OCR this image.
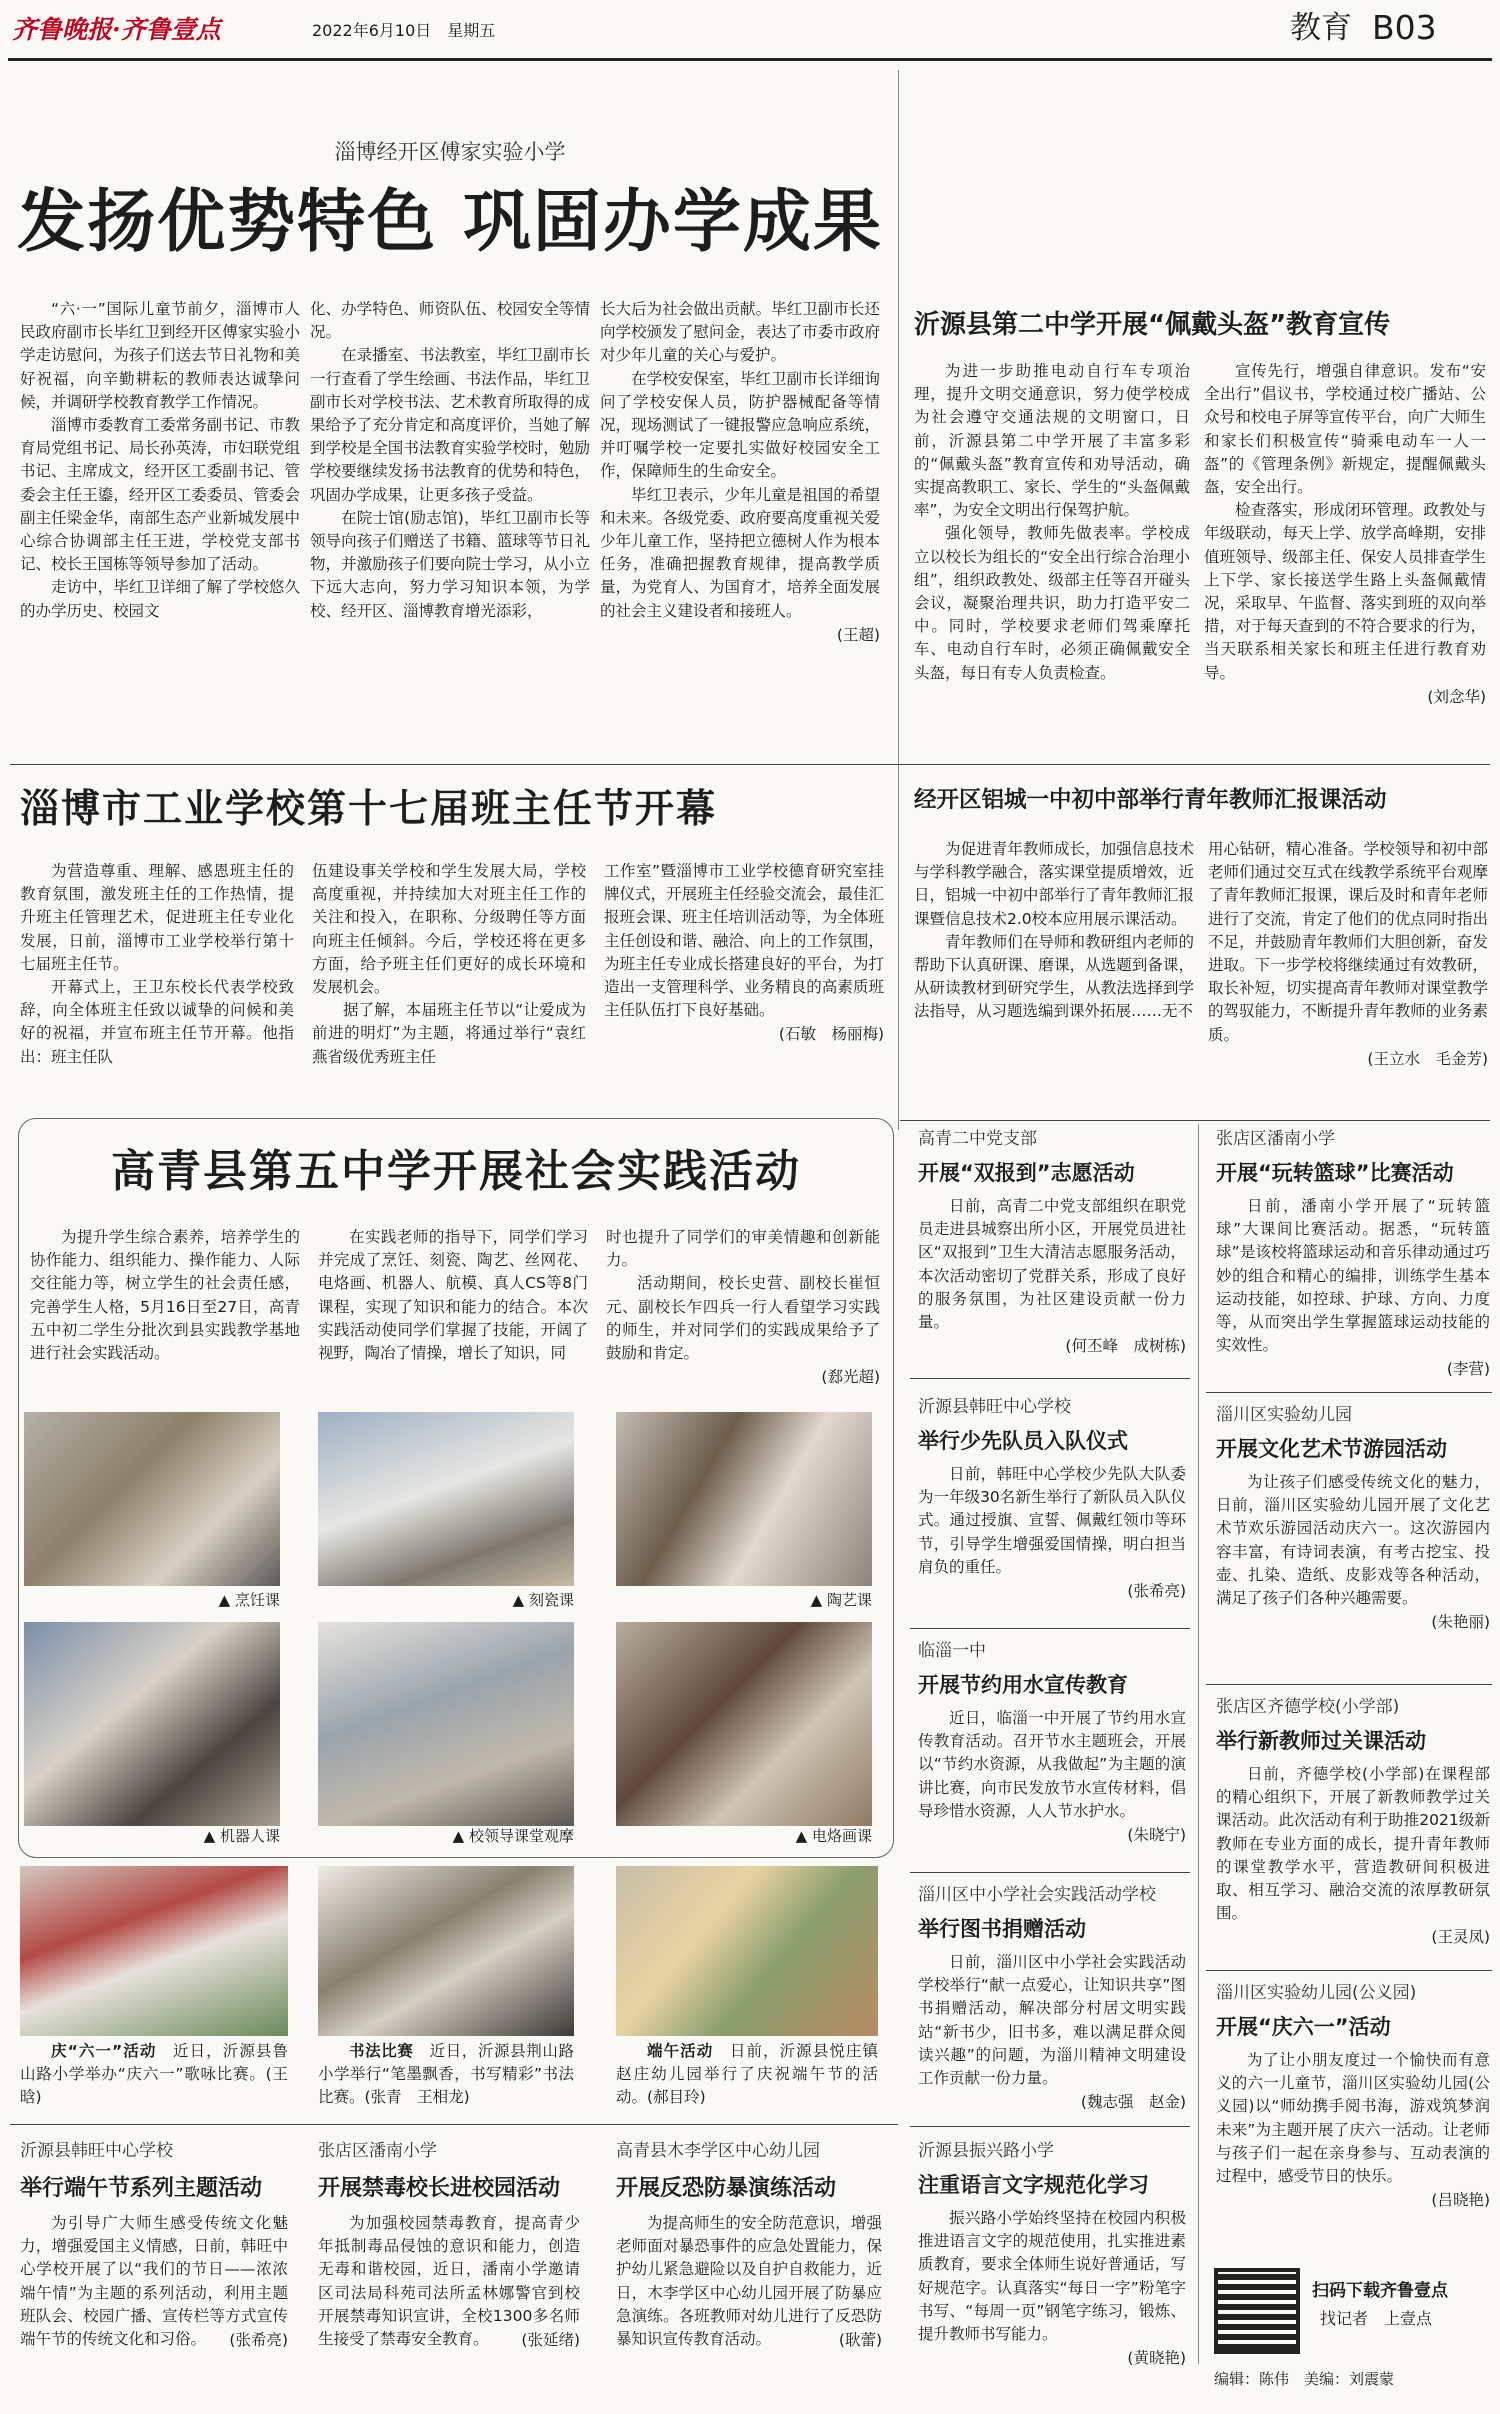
齐鲁晚报·齐鲁壹点	2022年6月10日　 星期五	教育 B03
淄博经开区傅家实验小学
发扬优势特色 巩固办学成果

“六·一”国际儿童节前夕，淄博市人民政府副市长毕红卫到经开区傅家实验小学走访慰问，为孩子们送去节日礼物和美好祝福，向辛勤耕耘的教师表达诚挚问候，并调研学校教育教学工作情况。

淄博市委教育工委常务副书记、市教育局党组书记、局长孙英涛，市妇联党组书记、主席成文，经开区工委副书记、管委会主任王鎏，经开区工委委员、管委会副主任梁金华，南部生态产业新城发展中心综合协调部主任王进，学校党支部书记、校长王国栋等领导参加了活动。

走访中，毕红卫详细了解了学校悠久的办学历史、校园文

化、办学特色、师资队伍、校园安全等情况。

在录播室、书法教室，毕红卫副市长一行查看了学生绘画、书法作品，毕红卫副市长对学校书法、艺术教育所取得的成果给予了充分肯定和高度评价，当她了解到学校是全国书法教育实验学校时，勉励学校要继续发扬书法教育的优势和特色，巩固办学成果，让更多孩子受益。

在院士馆(励志馆)，毕红卫副市长等领导向孩子们赠送了书籍、篮球等节日礼物，并激励孩子们要向院士学习，从小立下远大志向，努力学习知识本领，为学校、经开区、淄博教育增光添彩，

长大后为社会做出贡献。毕红卫副市长还向学校颁发了慰问金，表达了市委市政府对少年儿童的关心与爱护。

在学校安保室，毕红卫副市长详细询问了学校安保人员，防护器械配备等情况，现场测试了一键报警应急响应系统，并叮嘱学校一定要扎实做好校园安全工作，保障师生的生命安全。

毕红卫表示，少年儿童是祖国的希望和未来。各级党委、政府要高度重视关爱少年儿童工作，坚持把立德树人作为根本任务，准确把握教育规律，提高教学质量，为党育人、为国育才，培养全面发展的社会主义建设者和接班人。

(王超)
沂源县第二中学开展“佩戴头盔”教育宣传

为进一步助推电动自行车专项治理，提升文明交通意识，努力使学校成为社会遵守交通法规的文明窗口，日前，沂源县第二中学开展了丰富多彩的“佩戴头盔”教育宣传和劝导活动，确实提高教职工、家长、学生的“头盔佩戴率”，为安全文明出行保驾护航。

强化领导，教师先做表率。学校成立以校长为组长的“安全出行综合治理小组”，组织政教处、级部主任等召开碰头会议，凝聚治理共识，助力打造平安二中。同时，学校要求老师们驾乘摩托车、电动自行车时，必须正确佩戴安全头盔，每日有专人负责检查。

宣传先行，增强自律意识。发布“安全出行”倡议书，学校通过校广播站、公众号和校电子屏等宣传平台，向广大师生和家长们积极宣传“骑乘电动车一人一盔”的《管理条例》新规定，提醒佩戴头盔，安全出行。

检查落实，形成闭环管理。政教处与年级联动，每天上学、放学高峰期，安排值班领导、级部主任、保安人员排查学生上下学、家长接送学生路上头盔佩戴情况，采取早、午监督、落实到班的双向举措，对于每天查到的不符合要求的行为，当天联系相关家长和班主任进行教育劝导。

(刘念华)
淄博市工业学校第十七届班主任节开幕

为营造尊重、理解、感恩班主任的教育氛围，激发班主任的工作热情，提升班主任管理艺术，促进班主任专业化发展，日前，淄博市工业学校举行第十七届班主任节。

开幕式上，王卫东校长代表学校致辞，向全体班主任致以诚挚的问候和美好的祝福，并宣布班主任节开幕。他指出：班主任队

伍建设事关学校和学生发展大局，学校高度重视，并持续加大对班主任工作的关注和投入，在职称、分级聘任等方面向班主任倾斜。今后，学校还将在更多方面，给予班主任们更好的成长环境和发展机会。

据了解，本届班主任节以“让爱成为前进的明灯”为主题，将通过举行“袁红燕省级优秀班主任

工作室”暨淄博市工业学校德育研究室挂牌仪式，开展班主任经验交流会，最佳汇报班会课、班主任培训活动等，为全体班主任创设和谐、融洽、向上的工作氛围，为班主任专业成长搭建良好的平台，为打造出一支管理科学、业务精良的高素质班主任队伍打下良好基础。

(石敏　杨丽梅)
经开区铝城一中初中部举行青年教师汇报课活动

为促进青年教师成长，加强信息技术与学科教学融合，落实课堂提质增效，近日，铝城一中初中部举行了青年教师汇报课暨信息技术2.0校本应用展示课活动。

青年教师们在导师和教研组内老师的帮助下认真研课、磨课，从选题到备课，从研读教材到研究学生，从教法选择到学法指导，从习题选编到课外拓展……无不

用心钻研，精心准备。学校领导和初中部老师们通过交互式在线教学系统平台观摩了青年教师汇报课，课后及时和青年老师进行了交流，肯定了他们的优点同时指出不足，并鼓励青年教师们大胆创新，奋发进取。下一步学校将继续通过有效教研，取长补短，切实提高青年教师对课堂教学的驾驭能力，不断提升青年教师的业务素质。

(王立水　毛金芳)
高青县第五中学开展社会实践活动

为提升学生综合素养，培养学生的协作能力、组织能力、操作能力、人际交往能力等，树立学生的社会责任感，完善学生人格，5月16日至27日，高青五中初二学生分批次到县实践教学基地进行社会实践活动。

在实践老师的指导下，同学们学习并完成了烹饪、刻瓷、陶艺、丝网花、电烙画、机器人、航模、真人CS等8门课程，实现了知识和能力的结合。本次实践活动使同学们掌握了技能，开阔了视野，陶冶了情操，增长了知识，同

时也提升了同学们的审美情趣和创新能力。

活动期间，校长史营、副校长崔恒元、副校长乍四兵一行人看望学习实践的师生，并对同学们的实践成果给予了鼓励和肯定。

(郄光超)
▲ 烹饪课	▲ 刻瓷课	▲ 陶艺课
▲ 机器人课	▲ 校领导课堂观摩	▲ 电烙画课
庆“六一”活动　 近日，沂源县鲁山路小学举办“庆六一”歌咏比赛。(王晗)
书法比赛　 近日，沂源县荆山路小学举行“笔墨飘香，书写精彩”书法比赛。(张青　王相龙)
端午活动　 日前，沂源县悦庄镇赵庄幼儿园举行了庆祝端午节的活动。(郝目玲)
沂源县韩旺中心学校
举行端午节系列主题活动

为引导广大师生感受传统文化魅力，增强爱国主义情感，日前，韩旺中心学校开展了以“我们的节日——浓浓端午情”为主题的系列活动，利用主题班队会、校园广播、宣传栏等方式宣传端午节的传统文化和习俗。	(张希亮)
张店区潘南小学
开展禁毒校长进校园活动

为加强校园禁毒教育，提高青少年抵制毒品侵蚀的意识和能力，创造无毒和谐校园，近日，潘南小学邀请区司法局科苑司法所孟林娜警官到校开展禁毒知识宣讲，全校1300多名师生接受了禁毒安全教育。	(张延绪)
高青县木李学区中心幼儿园
开展反恐防暴演练活动

为提高师生的安全防范意识，增强老师面对暴恐事件的应急处置能力，保护幼儿紧急避险以及自护自救能力，近日，木李学区中心幼儿园开展了防暴应急演练。各班教师对幼儿进行了反恐防暴知识宣传教育活动。	(耿蕾)
高青二中党支部
开展“双报到”志愿活动

日前，高青二中党支部组织在职党员走进县城察出所小区，开展党员进社区“双报到”卫生大清洁志愿服务活动，本次活动密切了党群关系，形成了良好的服务氛围，为社区建设贡献一份力量。

(何丕峰　成树栋)
沂源县韩旺中心学校
举行少先队员入队仪式

日前，韩旺中心学校少先队大队委为一年级30名新生举行了新队员入队仪式。通过授旗、宣誓、佩戴红领巾等环节，引导学生增强爱国情操，明白担当肩负的重任。

(张希亮)
临淄一中
开展节约用水宣传教育

近日，临淄一中开展了节约用水宣传教育活动。召开节水主题班会，开展以“节约水资源，从我做起”为主题的演讲比赛，向市民发放节水宣传材料，倡导珍惜水资源，人人节水护水。

(朱晓宁)
淄川区中小学社会实践活动学校
举行图书捐赠活动

日前，淄川区中小学社会实践活动学校举行“献一点爱心，让知识共享”图书捐赠活动，解决部分村居文明实践站“新书少，旧书多，难以满足群众阅读兴趣”的问题，为淄川精神文明建设工作贡献一份力量。

(魏志强　赵金)
沂源县振兴路小学
注重语言文字规范化学习

振兴路小学始终坚持在校园内积极推进语言文字的规范使用，扎实推进素质教育，要求全体师生说好普通话，写好规范字。认真落实“每日一字”粉笔字书写、“每周一页”钢笔字练习，锻炼、提升教师书写能力。

(黄晓艳)
张店区潘南小学
开展“玩转篮球”比赛活动

日前，潘南小学开展了“玩转篮球”大课间比赛活动。据悉，“玩转篮球”是该校将篮球运动和音乐律动通过巧妙的组合和精心的编排，训练学生基本运动技能，如控球、护球、方向、力度等，从而突出学生掌握篮球运动技能的实效性。

(李营)
淄川区实验幼儿园
开展文化艺术节游园活动

为让孩子们感受传统文化的魅力，日前，淄川区实验幼儿园开展了文化艺术节欢乐游园活动庆六一。这次游园内容丰富，有诗词表演，有考古挖宝、投壶、扎染、造纸、皮影戏等各种活动，满足了孩子们各种兴趣需要。

(朱艳丽)
张店区齐德学校(小学部)
举行新教师过关课活动

日前，齐德学校(小学部)在课程部的精心组织下，开展了新教师教学过关课活动。此次活动有利于助推2021级新教师在专业方面的成长，提升青年教师的课堂教学水平，营造教研间积极进取、相互学习、融洽交流的浓厚教研氛围。

(王灵凤)
淄川区实验幼儿园(公义园)
开展“庆六一”活动

为了让小朋友度过一个愉快而有意义的六一儿童节，淄川区实验幼儿园(公义园)以“师幼携手阅书海，游戏筑梦润未来”为主题开展了庆六一活动。让老师与孩子们一起在亲身参与、互动表演的过程中，感受节日的快乐。

(吕晓艳)
扫码下载齐鲁壹点
找记者　上壹点
编辑：陈伟　美编：刘震蒙
